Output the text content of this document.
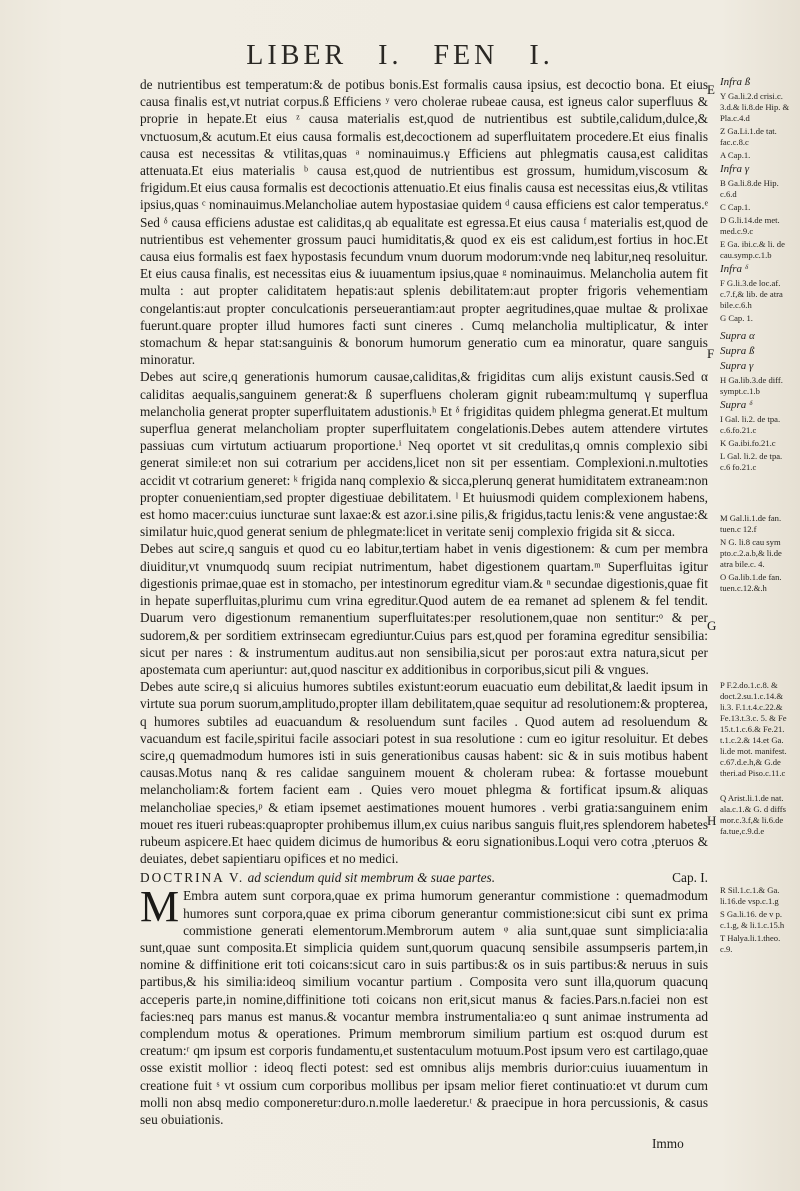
LIBER I. FEN I.

de nutrientibus est temperatum:& de potibus bonis.Est formalis causa ipsius, est decoctio bona. Et eius causa finalis est,vt nutriat corpus.ß Efficiens ʸ vero cholerae rubeae causa, est igneus calor superfluus & proprie in hepate.Et eius ᶻ causa materialis est,quod de nutrientibus est subtile,calidum,dulce,& vnctuosum,& acutum.Et eius causa formalis est,decoctionem ad superfluitatem procedere.Et eius finalis causa est necessitas & vtilitas,quas ᵃ nominauimus.γ Efficiens aut phlegmatis causa,est caliditas attenuata.Et eius materialis ᵇ causa est,quod de nutrientibus est grossum, humidum,viscosum & frigidum.Et eius causa formalis est decoctionis attenuatio.Et eius finalis causa est necessitas eius,& vtilitas ipsius,quas ᶜ nominauimus.Melancholiae autem hypostasiae quidem ᵈ causa efficiens est calor temperatus.ᵉ Sed ᵟ causa efficiens adustae est caliditas,q ab equalitate est egressa.Et eius causa ᶠ materialis est,quod de nutrientibus est vehementer grossum pauci humiditatis,& quod ex eis est calidum,est fortius in hoc.Et causa eius formalis est faex hypostasis fecundum vnum duorum modorum:vnde neq labitur,neq resoluitur. Et eius causa finalis, est necessitas eius & iuuamentum ipsius,quae ᵍ nominauimus. Melancholia autem fit multa : aut propter caliditatem hepatis:aut splenis debilitatem:aut propter frigoris vehementiam congelantis:aut propter conculcationis perseuerantiam:aut propter aegritudines,quae multae & prolixae fuerunt.quare propter illud humores facti sunt cineres . Cumq melancholia multiplicatur, & inter stomachum & hepar stat:sanguinis & bonorum humorum generatio cum ea minoratur, quare sanguis minoratur.

Debes aut scire,q generationis humorum causae,caliditas,& frigiditas cum alijs existunt causis.Sed α caliditas aequalis,sanguinem generat:& ß superfluens choleram gignit rubeam:multumq γ superflua melancholia generat propter superfluitatem adustionis.ʰ Et ᵟ frigiditas quidem phlegma generat.Et multum superflua generat melancholiam propter superfluitatem congelationis.Debes autem attendere virtutes passiuas cum virtutum actiuarum proportione.ⁱ Neq oportet vt sit credulitas,q omnis complexio sibi generat simile:et non sui cotrarium per accidens,licet non sit per essentiam. Complexioni.n.multoties accidit vt cotrarium generet: ᵏ frigida nanq complexio & sicca,plerunq generat humiditatem extraneam:non propter conuenientiam,sed propter digestiuae debilitatem. ˡ Et huiusmodi quidem complexionem habens, est homo macer:cuius iuncturae sunt laxae:& est azor.i.sine pilis,& frigidus,tactu lenis:& vene angustae:& similatur huic,quod generat senium de phlegmate:licet in veritate senij complexio frigida sit & sicca.

Debes aut scire,q sanguis et quod cu eo labitur,tertiam habet in venis digestionem: & cum per membra diuiditur,vt vnumquodq suum recipiat nutrimentum, habet digestionem quartam.ᵐ Superfluitas igitur digestionis primae,quae est in stomacho, per intestinorum egreditur viam.& ⁿ secundae digestionis,quae fit in hepate superfluitas,plurimu cum vrina egreditur.Quod autem de ea remanet ad splenem & fel tendit. Duarum vero digestionum remanentium superfluitates:per resolutionem,quae non sentitur:ᵒ & per sudorem,& per sorditiem extrinsecam egrediuntur.Cuius pars est,quod per foramina egreditur sensibilia: sicut per nares : & instrumentum auditus.aut non sensibilia,sicut per poros:aut extra natura,sicut per apostemata cum aperiuntur: aut,quod nascitur ex additionibus in corporibus,sicut pili & vngues.

Debes aute scire,q si alicuius humores subtiles existunt:eorum euacuatio eum debilitat,& laedit ipsum in virtute sua porum suorum,amplitudo,propter illam debilitatem,quae sequitur ad resolutionem:& propterea, q humores subtiles ad euacuandum & resoluendum sunt faciles . Quod autem ad resoluendum & vacuandum est facile,spiritui facile associari potest in sua resolutione : cum eo igitur resoluitur. Et debes scire,q quemadmodum humores isti in suis generationibus causas habent: sic & in suis motibus habent causas.Motus nanq & res calidae sanguinem mouent & choleram rubea: & fortasse mouebunt melancholiam:& fortem facient eam . Quies vero mouet phlegma & fortificat ipsum.& aliquas melancholiae species,ᵖ & etiam ipsemet aestimationes mouent humores . verbi gratia:sanguinem enim mouet res itueri rubeas:quapropter prohibemus illum,ex cuius naribus sanguis fluit,res splendorem habetes rubeum aspicere.Et haec quidem dicimus de humoribus & eoru signationibus.Loqui vero cotra ,pteruos & deuiates, debet sapientiaru opifices et no medici.

DOCTRINA V. ad sciendum quid sit membrum & suae partes.	Cap. I.

M Embra autem sunt corpora,quae ex prima humorum generantur commistione : quemadmodum humores sunt corpora,quae ex prima ciborum generantur commistione:sicut cibi sunt ex prima commistione generati elementorum.Membrorum autem ᵠ alia sunt,quae sunt simplicia:alia sunt,quae sunt composita.Et simplicia quidem sunt,quorum quacunq sensibile assumpseris partem,in nomine & diffinitione erit toti coicans:sicut caro in suis partibus:& os in suis partibus:& neruus in suis partibus,& his similia:ideoq similium vocantur partium . Composita vero sunt illa,quorum quacunq acceperis parte,in nomine,diffinitione toti coicans non erit,sicut manus & facies.Pars.n.faciei non est facies:neq pars manus est manus.& vocantur membra instrumentalia:eo q sunt animae instrumenta ad complendum motus & operationes. Primum membrorum similium partium est os:quod durum est creatum:ʳ qm ipsum est corporis fundamentu,et sustentaculum motuum.Post ipsum vero est cartilago,quae osse existit mollior : ideoq flecti potest: sed est omnibus alijs membris durior:cuius iuuamentum in creatione fuit ˢ vt ossium cum corporibus mollibus per ipsam melior fieret continuatio:et vt durum cum molli non absq medio componeretur:duro.n.molle laederetur.ᵗ & praecipue in hora percussionis, & casus seu obuiationis.

E
F
G
H
Infra ß
Y Ga.li.2.d crisi.c. 3.d.& li.8.de Hip. & Pla.c.4.d
Z Ga.Li.1.de tat. fac.c.8.c
A Cap.1.
Infra γ
B Ga.li.8.de Hip. c.6.d
C Cap.1.
D G.li.14.de met. med.c.9.c
E Ga. ibi.c.& li. de cau.symp.c.1.b
Infra ᵟ
F G.li.3.de loc.af. c.7.f,& lib. de atra bile.c.6.h
G Cap. 1.
Supra α
Supra ß
Supra γ
H Ga.lib.3.de diff. sympt.c.1.b
Supra ᵟ
I Gal. li.2. de tpa. c.6.fo.21.c
K Ga.ibi.fo.21.c
L Gal. li.2. de tpa. c.6 fo.21.c
M Gal.li.1.de fan. tuen.c 12.f
N G. li.8 cau sym pto.c.2.a.b,& li.de atra bile.c. 4.
O Ga.lib.1.de fan. tuen.c.12.&.h
P F.2.do.1.c.8. & doct.2.su.1.c.14.& li.3. F.1.t.4.c.22.& Fe.13.t.3.c. 5. & Fe 15.t.1.c.6.& Fe.21. t.1.c.2.& 14.et Ga. li.de mot. manifest. c.67.d.e.h,& G.de theri.ad Piso.c.11.c
Q Arist.li.1.de nat. ala.c.1.& G. d diffs mor.c.3.f,& li.6.de fa.tue,c.9.d.e
R Sil.1.c.1.& Ga. li.16.de vsp.c.1.g
S Ga.li.16. de v p. c.1.g, & li.1.c.15.h
T Halya.li.1.theo. c.9.
Immo
